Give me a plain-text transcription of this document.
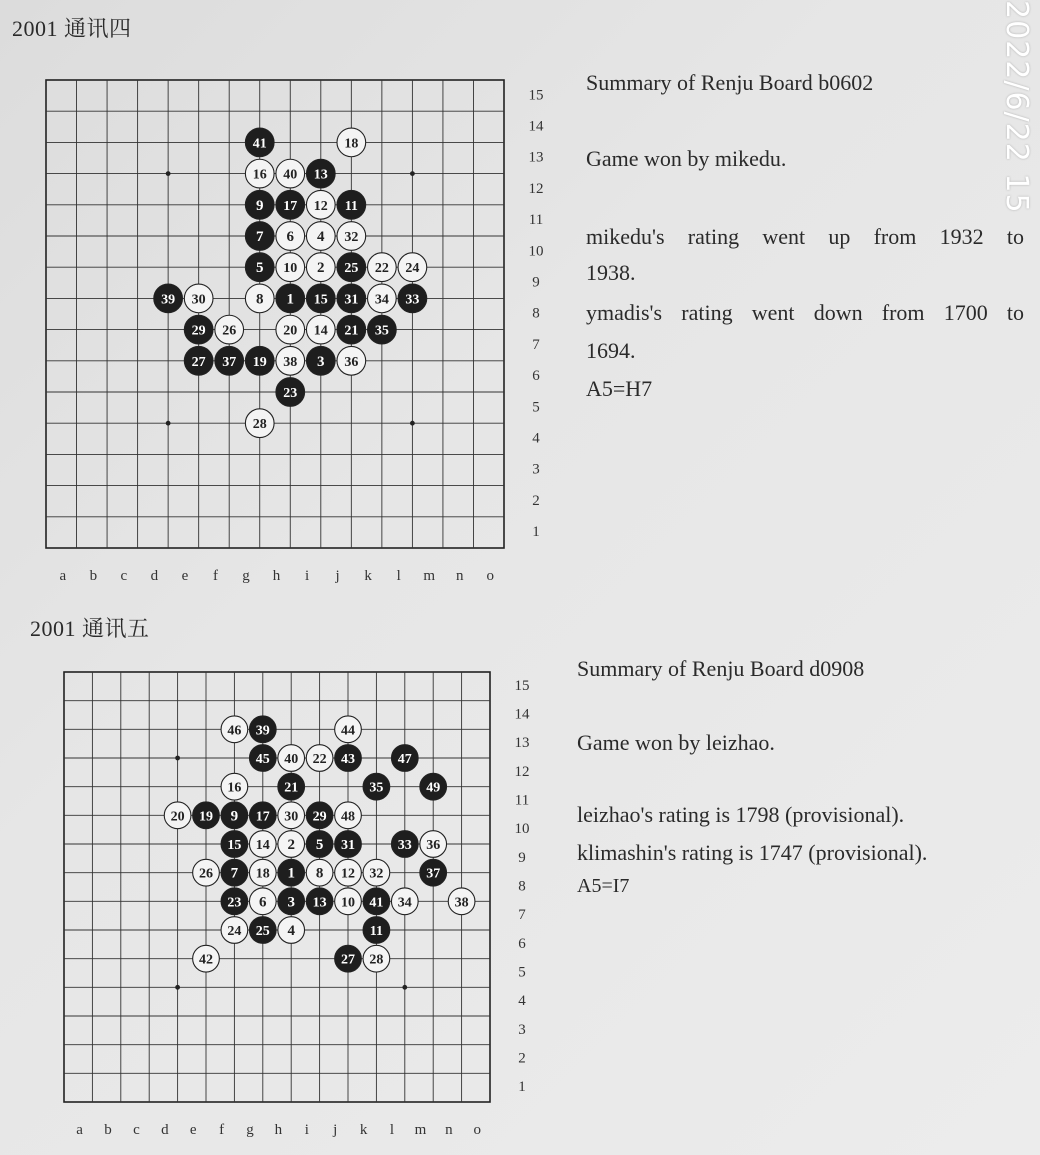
2001 通讯四
15
14
13
12
11
10
9
8
7
6
5
4
3
2
1
a b c d e f g h i j k l m n o
1
2
3
4
5
6
7
8
9
10
11
12
13
14
15
16
17
18
19
20	21
22
23
24
25
26
27
28
29
30	31
32
33
34
35
36
37	38
39
40
41
Summary of Renju Board b0602
Game won by mikedu.
mikedu's rating went up from 1932 to
1938.
ymadis's rating went down from 1700 to
1694.
A5=H7
2001 通讯五
15
14
13
12
11
10
9
8
7
6
5
4
3
2
1
a b c d e f g h i j k l m n o
1
2
3
4
5
6
7	8
9
10
11
12
13
14
15
16
17
18
19
20
21
22
23
24 25
26
27 28
29
30
31
32
33
34
35
36
37
38
39
40
41
42
43
44
45
46
47
48
49
Summary of Renju Board d0908
Game won by leizhao.
leizhao's rating is 1798 (provisional).
klimashin's rating is 1747 (provisional).
A5=I7
2022/6/22 15
